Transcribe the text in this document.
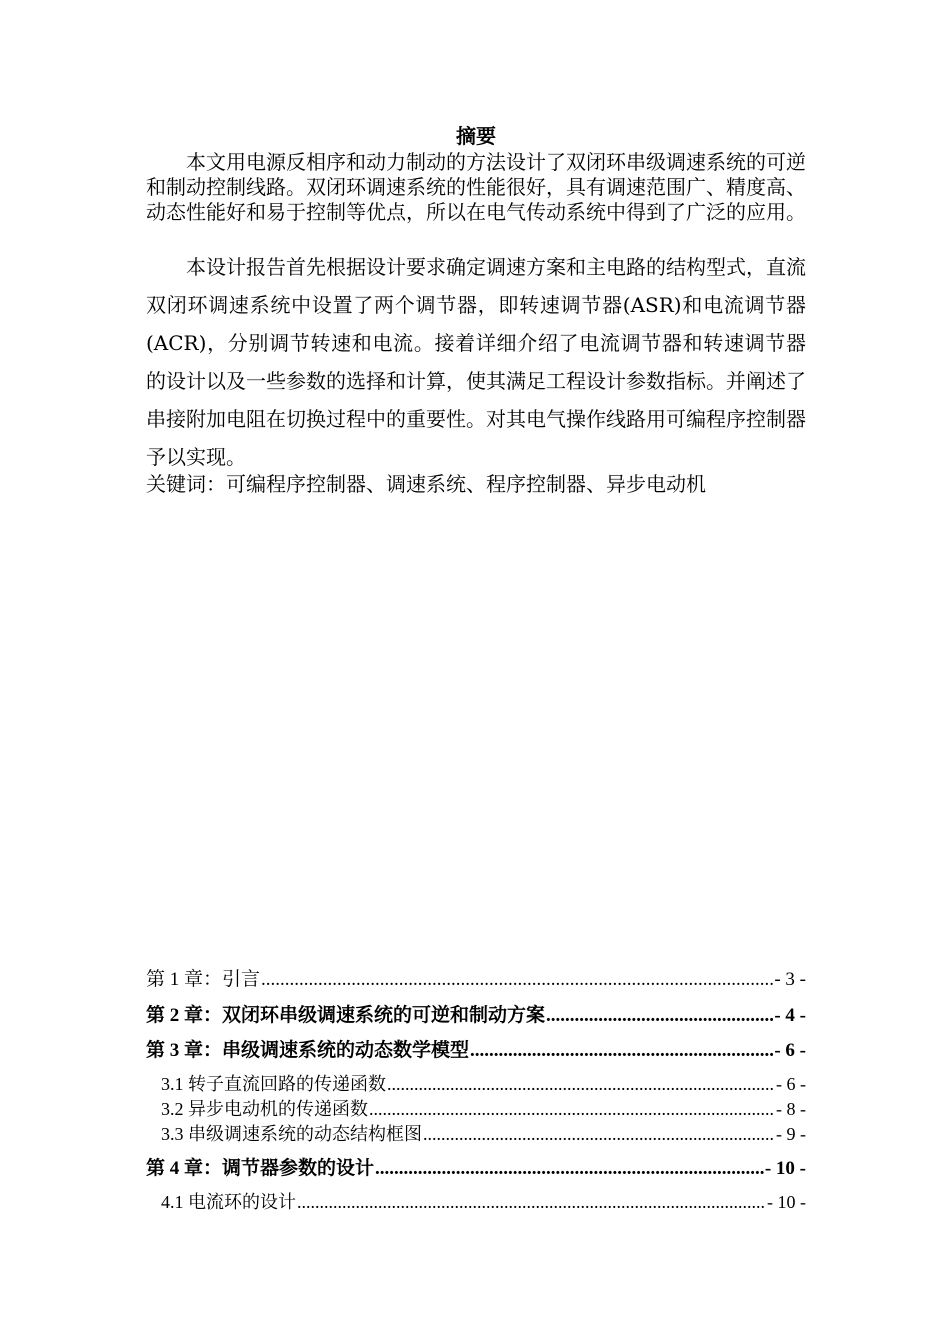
摘要

本文用电源反相序和动力制动的方法设计了双闭环串级调速系统的可逆和制动控制线路。双闭环调速系统的性能很好，具有调速范围广、精度高、动态性能好和易于控制等优点，所以在电气传动系统中得到了广泛的应用。

本设计报告首先根据设计要求确定调速方案和主电路的结构型式，直流双闭环调速系统中设置了两个调节器，即转速调节器(ASR)和电流调节器(ACR)，分别调节转速和电流。接着详细介绍了电流调节器和转速调节器的设计以及一些参数的选择和计算，使其满足工程设计参数指标。并阐述了串接附加电阻在切换过程中的重要性。对其电气操作线路用可编程序控制器予以实现。

关键词：可编程序控制器、调速系统、程序控制器、异步电动机

第 1 章：引言 .....	- 3 -
第 2 章：双闭环串级调速系统的可逆和制动方案 .....	- 4 -
第 3 章：串级调速系统的动态数学模型 .....	- 6 -
3.1 转子直流回路的传递函数 .....	- 6 -
3.2 异步电动机的传递函数 .....	- 8 -
3.3 串级调速系统的动态结构框图 .....	- 9 -
第 4 章：调节器参数的设计 .....	- 10 -
4.1 电流环的设计 .....	- 10 -
